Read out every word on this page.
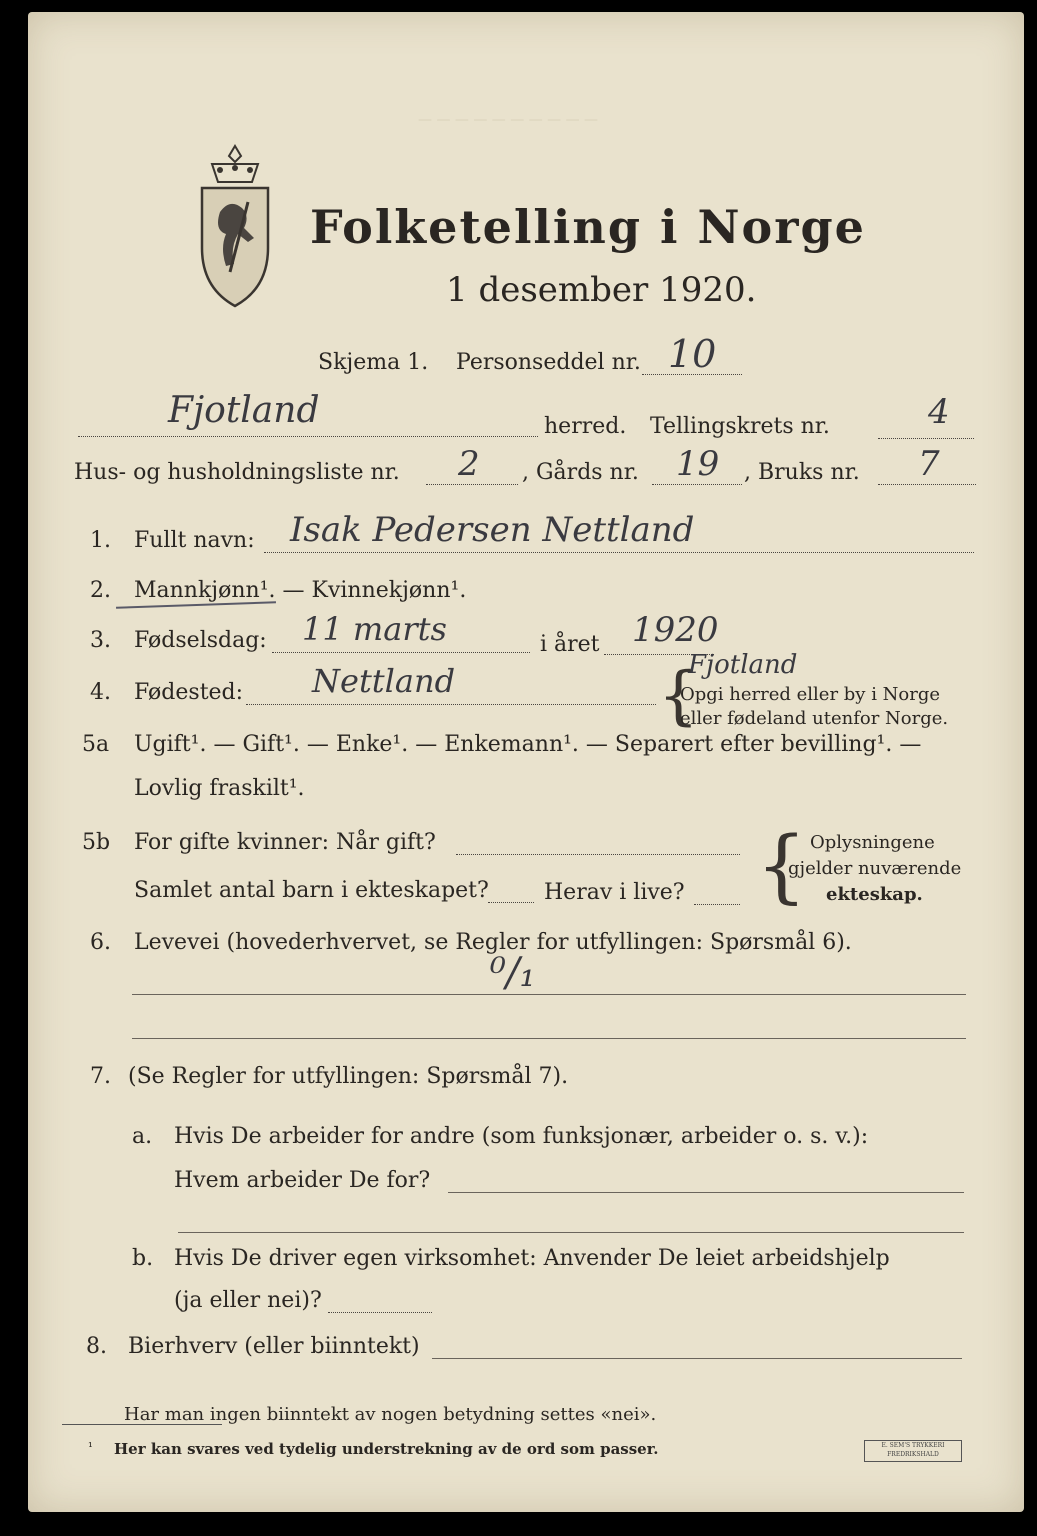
— — — — — — — — — —
Folketelling i Norge
1 desember 1920.
Skjema 1. Personseddel nr. 10
Fjotland	herred. Tellingskrets nr.	4
Hus- og husholdningsliste nr. 2 , Gårds nr. 19 , Bruks nr. 7
1. Fullt navn: Isak Pedersen Nettland
2. Mannkjønn¹. — Kvinnekjønn¹.
3. Fødselsdag: 11 marts	i året 1920
4. Fødested: Nettland	{
Fjotland
Opgi herred eller by i Norge
eller fødeland utenfor Norge.
5a Ugift¹. — Gift¹. — Enke¹. — Enkemann¹. — Separert efter bevilling¹. —
Lovlig fraskilt¹.
5b For gifte kvinner: Når gift?
Samlet antal barn i ekteskapet?	Herav i live? { Oplysningene
gjelder nuværende
ekteskap.
6. Levevei (hovederhvervet, se Regler for utfyllingen: Spørsmål 6).
⁰/₁
7. (Se Regler for utfyllingen: Spørsmål 7).
a. Hvis De arbeider for andre (som funksjonær, arbeider o. s. v.):
Hvem arbeider De for?
b. Hvis De driver egen virksomhet: Anvender De leiet arbeidshjelp
(ja eller nei)?
8. Bierhverv (eller biinntekt)
Har man ingen biinntekt av nogen betydning settes «nei».
¹ Her kan svares ved tydelig understrekning av de ord som passer.	E. SEM'S TRYKKERI FREDRIKSHALD
